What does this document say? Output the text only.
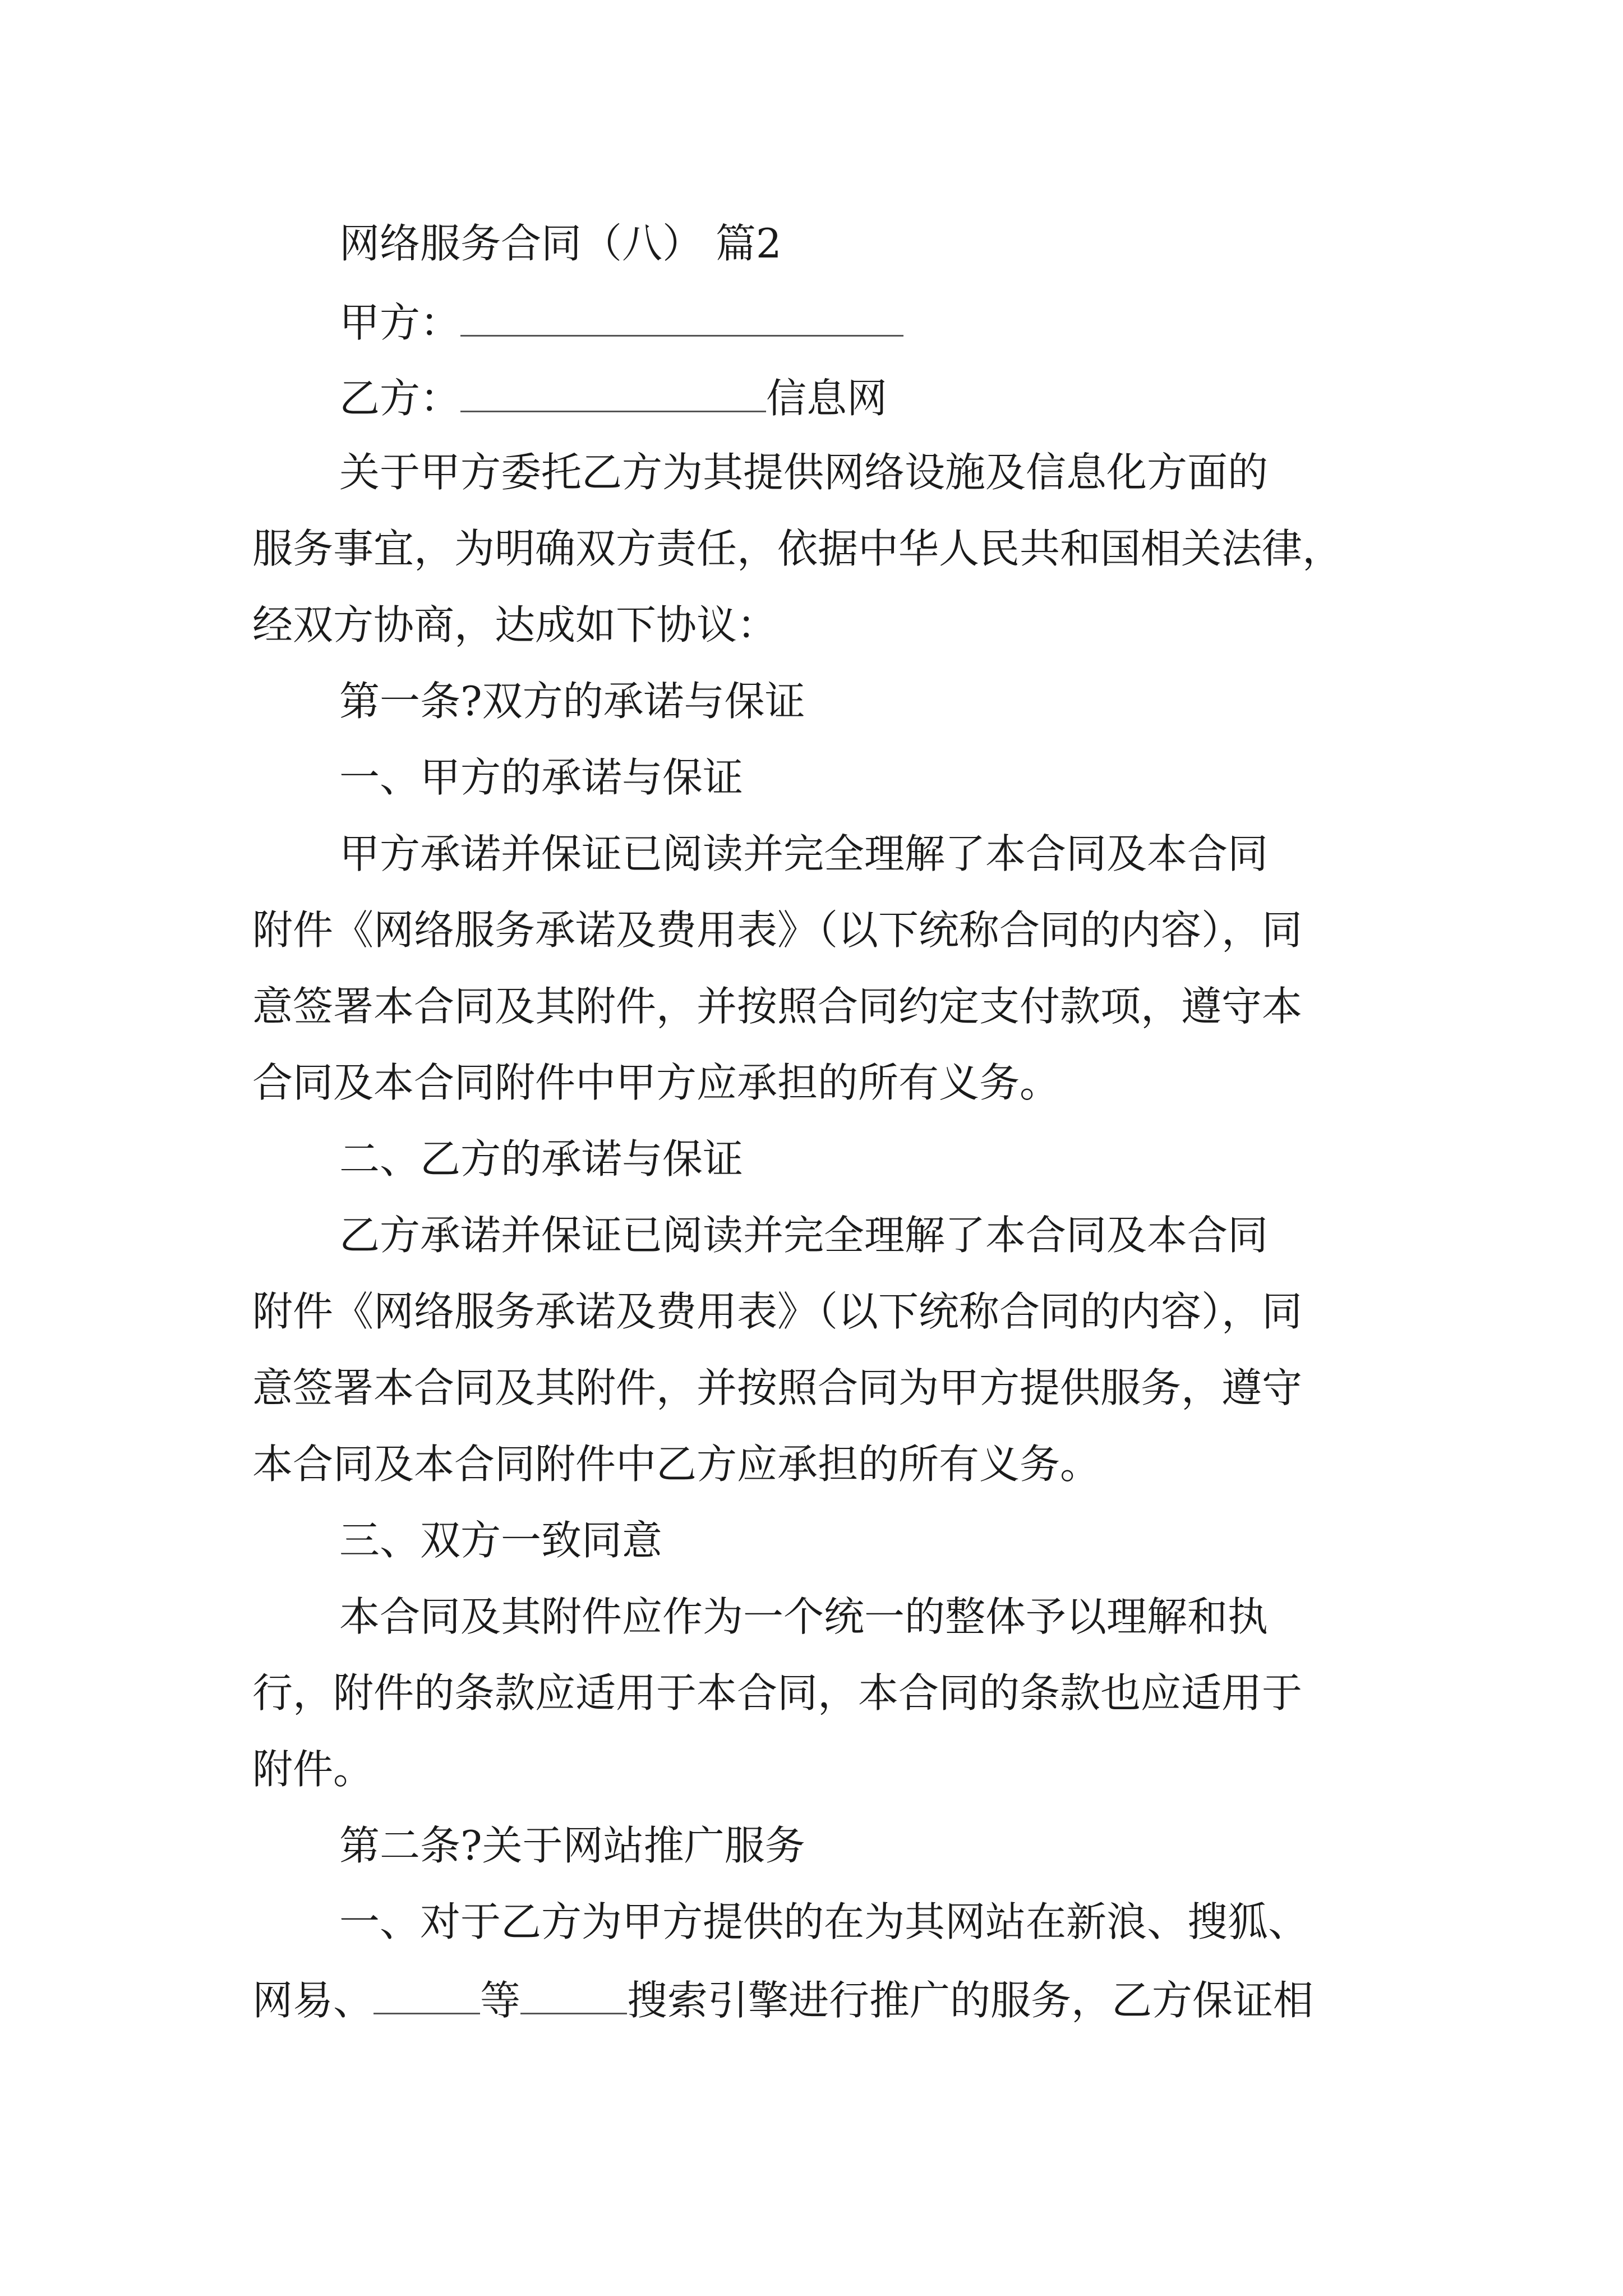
网络服务合同（八） 篇2
甲方：
乙方：	信息网
关于甲方委托乙方为其提供网络设施及信息化方面的
服务事宜，为明确双方责任，依据中华人民共和国相关法律，
经双方协商，达成如下协议：
第一条?双方的承诺与保证
一、甲方的承诺与保证
甲方承诺并保证已阅读并完全理解了本合同及本合同
附件《网络服务承诺及费用表》（以下统称合同的内容），同
意签署本合同及其附件，并按照合同约定支付款项，遵守本
合同及本合同附件中甲方应承担的所有义务。
二、乙方的承诺与保证
乙方承诺并保证已阅读并完全理解了本合同及本合同
附件《网络服务承诺及费用表》（以下统称合同的内容），同
意签署本合同及其附件，并按照合同为甲方提供服务，遵守
本合同及本合同附件中乙方应承担的所有义务。
三、双方一致同意
本合同及其附件应作为一个统一的整体予以理解和执
行，附件的条款应适用于本合同，本合同的条款也应适用于
附件。
第二条?关于网站推广服务
一、对于乙方为甲方提供的在为其网站在新浪、搜狐、
网易、	等	搜索引擎进行推广的服务，乙方保证相
